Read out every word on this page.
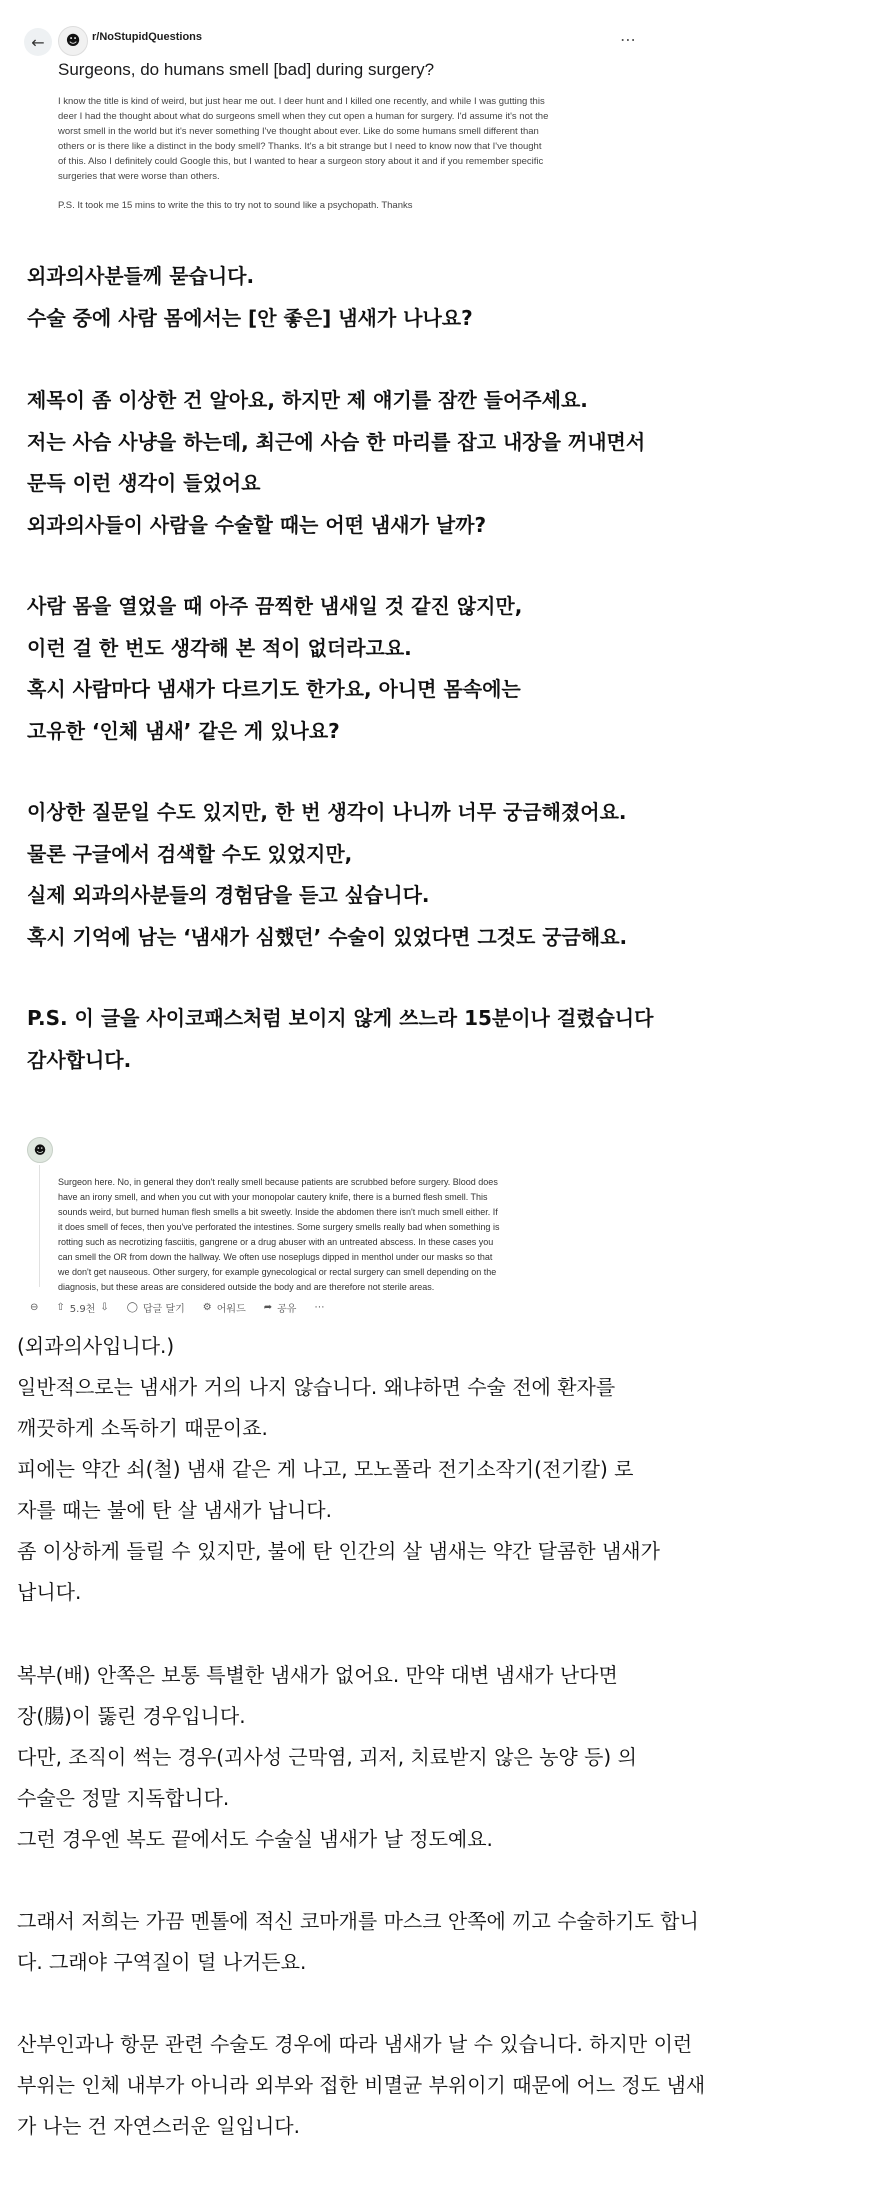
←	☻	r/NoStupidQuestions	⋯
Surgeons, do humans smell [bad] during surgery?
I know the title is kind of weird, but just hear me out. I deer hunt and I killed one recently, and while I was gutting this
deer I had the thought about what do surgeons smell when they cut open a human for surgery. I'd assume it's not the
worst smell in the world but it's never something I've thought about ever. Like do some humans smell different than
others or is there like a distinct in the body smell? Thanks. It's a bit strange but I need to know now that I've thought
of this. Also I definitely could Google this, but I wanted to hear a surgeon story about it and if you remember specific
surgeries that were worse than others.
P.S. It took me 15 mins to write the this to try not to sound like a psychopath. Thanks
외과의사분들께 묻습니다.
수술 중에 사람 몸에서는 [안 좋은] 냄새가 나나요?
제목이 좀 이상한 건 알아요, 하지만 제 얘기를 잠깐 들어주세요.
저는 사슴 사냥을 하는데, 최근에 사슴 한 마리를 잡고 내장을 꺼내면서
문득 이런 생각이 들었어요
외과의사들이 사람을 수술할 때는 어떤 냄새가 날까?
사람 몸을 열었을 때 아주 끔찍한 냄새일 것 같진 않지만,
이런 걸 한 번도 생각해 본 적이 없더라고요.
혹시 사람마다 냄새가 다르기도 한가요, 아니면 몸속에는
고유한 ‘인체 냄새’ 같은 게 있나요?
이상한 질문일 수도 있지만, 한 번 생각이 나니까 너무 궁금해졌어요.
물론 구글에서 검색할 수도 있었지만,
실제 외과의사분들의 경험담을 듣고 싶습니다.
혹시 기억에 남는 ‘냄새가 심했던’ 수술이 있었다면 그것도 궁금해요.
P.S. 이 글을 사이코패스처럼 보이지 않게 쓰느라 15분이나 걸렸습니다
감사합니다.
☻
Surgeon here. No, in general they don't really smell because patients are scrubbed before surgery. Blood does
have an irony smell, and when you cut with your monopolar cautery knife, there is a burned flesh smell. This
sounds weird, but burned human flesh smells a bit sweetly. Inside the abdomen there isn't much smell either. If
it does smell of feces, then you've perforated the intestines. Some surgery smells really bad when something is
rotting such as necrotizing fasciitis, gangrene or a drug abuser with an untreated abscess. In these cases you
can smell the OR from down the hallway. We often use noseplugs dipped in menthol under our masks so that
we don't get nauseous. Other surgery, for example gynecological or rectal surgery can smell depending on the
diagnosis, but these areas are considered outside the body and are therefore not sterile areas.
⊖ ⇧ 5.9천 ⇩ ◯ 답글 달기 ⚙ 어워드 ➦ 공유 ⋯
(외과의사입니다.)
일반적으로는 냄새가 거의 나지 않습니다. 왜냐하면 수술 전에 환자를
깨끗하게 소독하기 때문이죠.
피에는 약간 쇠(철) 냄새 같은 게 나고, 모노폴라 전기소작기(전기칼) 로
자를 때는 불에 탄 살 냄새가 납니다.
좀 이상하게 들릴 수 있지만, 불에 탄 인간의 살 냄새는 약간 달콤한 냄새가
납니다.
복부(배) 안쪽은 보통 특별한 냄새가 없어요. 만약 대변 냄새가 난다면
장(腸)이 뚫린 경우입니다.
다만, 조직이 썩는 경우(괴사성 근막염, 괴저, 치료받지 않은 농양 등) 의
수술은 정말 지독합니다.
그런 경우엔 복도 끝에서도 수술실 냄새가 날 정도예요.
그래서 저희는 가끔 멘톨에 적신 코마개를 마스크 안쪽에 끼고 수술하기도 합니
다. 그래야 구역질이 덜 나거든요.
산부인과나 항문 관련 수술도 경우에 따라 냄새가 날 수 있습니다. 하지만 이런
부위는 인체 내부가 아니라 외부와 접한 비멸균 부위이기 때문에 어느 정도 냄새
가 나는 건 자연스러운 일입니다.
